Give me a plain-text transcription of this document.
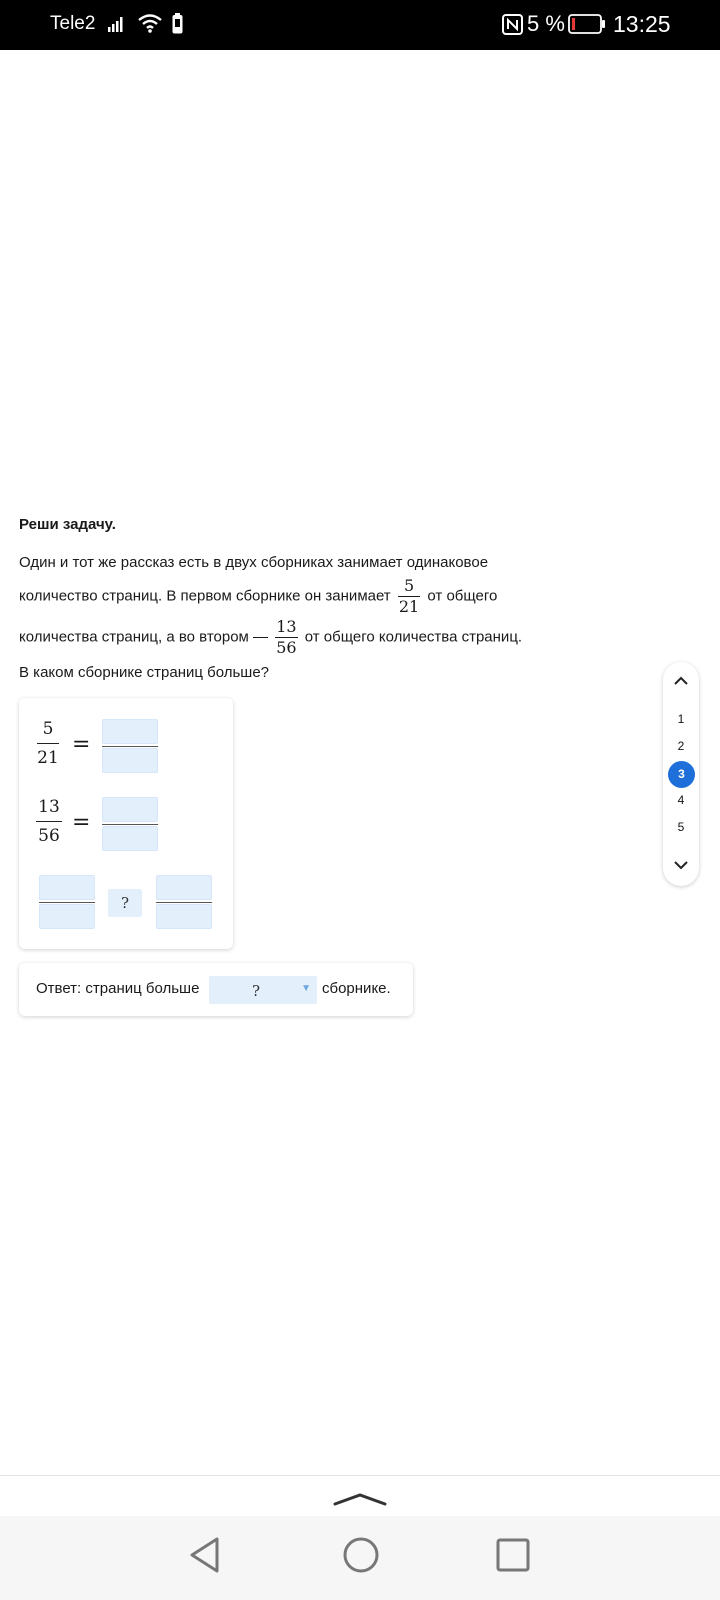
Tele2	5 % 13:25
Реши задачу.
Один и тот же рассказ есть в двух сборниках занимает одинаковое
количество страниц. В первом сборнике он занимает $\frac{5}{21}$ от общего
количества страниц, а во втором — $\frac{13}{56}$ от общего количества страниц.
В каком сборнике страниц больше?
5
21
=
13
56
=
?
Ответ: страниц больше	?	▼ сборнике.
1
2
3
4
5
